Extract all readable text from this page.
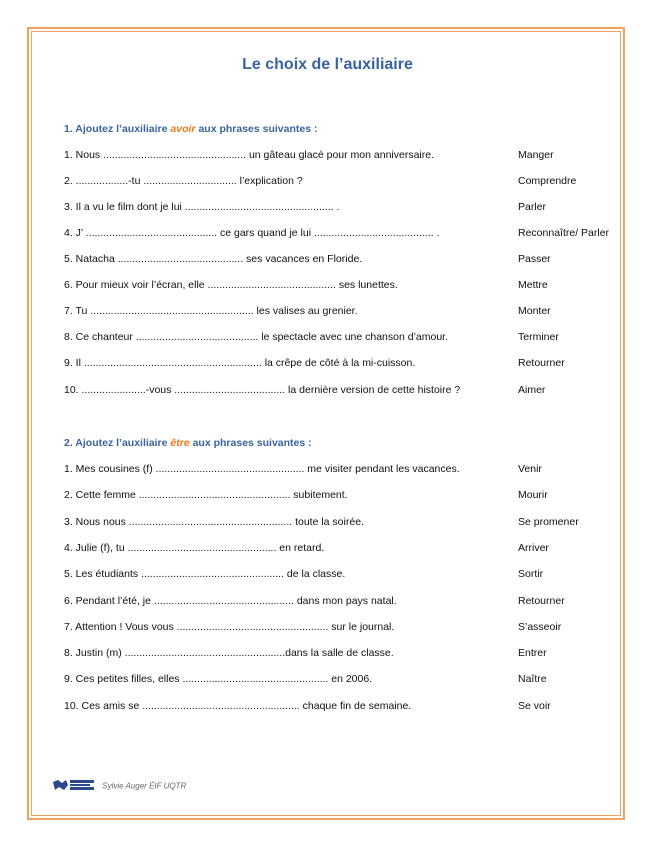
Le choix de l’auxiliaire
1. Ajoutez l’auxiliaire avoir aux phrases suivantes :
1. Nous ................................................. un gâteau glacé pour mon anniversaire.	Manger
2. ..................-tu ................................ l’explication ?	Comprendre
3. Il a vu le film dont je lui ................................................... .	Parler
4. J’ ............................................. ce gars quand je lui ......................................... .	Reconnaître/ Parler
5. Natacha ........................................... ses vacances en Floride.	Passer
6. Pour mieux voir l’écran, elle ............................................ ses lunettes.	Mettre
7. Tu ........................................................ les valises au grenier.	Monter
8. Ce chanteur .......................................... le spectacle avec une chanson d’amour.	Terminer
9. Il ............................................................. la crêpe de côté à la mi-cuisson.	Retourner
10. ......................-vous ...................................... la dernière version de cette histoire ?	Aimer
2. Ajoutez l’auxiliaire être aux phrases suivantes :
1. Mes cousines (f) ................................................... me visiter pendant les vacances.	Venir
2. Cette femme .................................................... subitement.	Mourir
3. Nous nous ........................................................ toute la soirée.	Se promener
4. Julie (f), tu ................................................... en retard.	Arriver
5. Les étudiants ................................................. de la classe.	Sortir
6. Pendant l’été, je ................................................ dans mon pays natal.	Retourner
7. Attention ! Vous vous .................................................... sur le journal.	S’asseoir
8. Justin (m) .......................................................dans la salle de classe.	Entrer
9. Ces petites filles, elles .................................................. en 2006.	Naître
10. Ces amis se ...................................................... chaque fin de semaine.	Se voir
Sylvie Auger ÉIF UQTR
